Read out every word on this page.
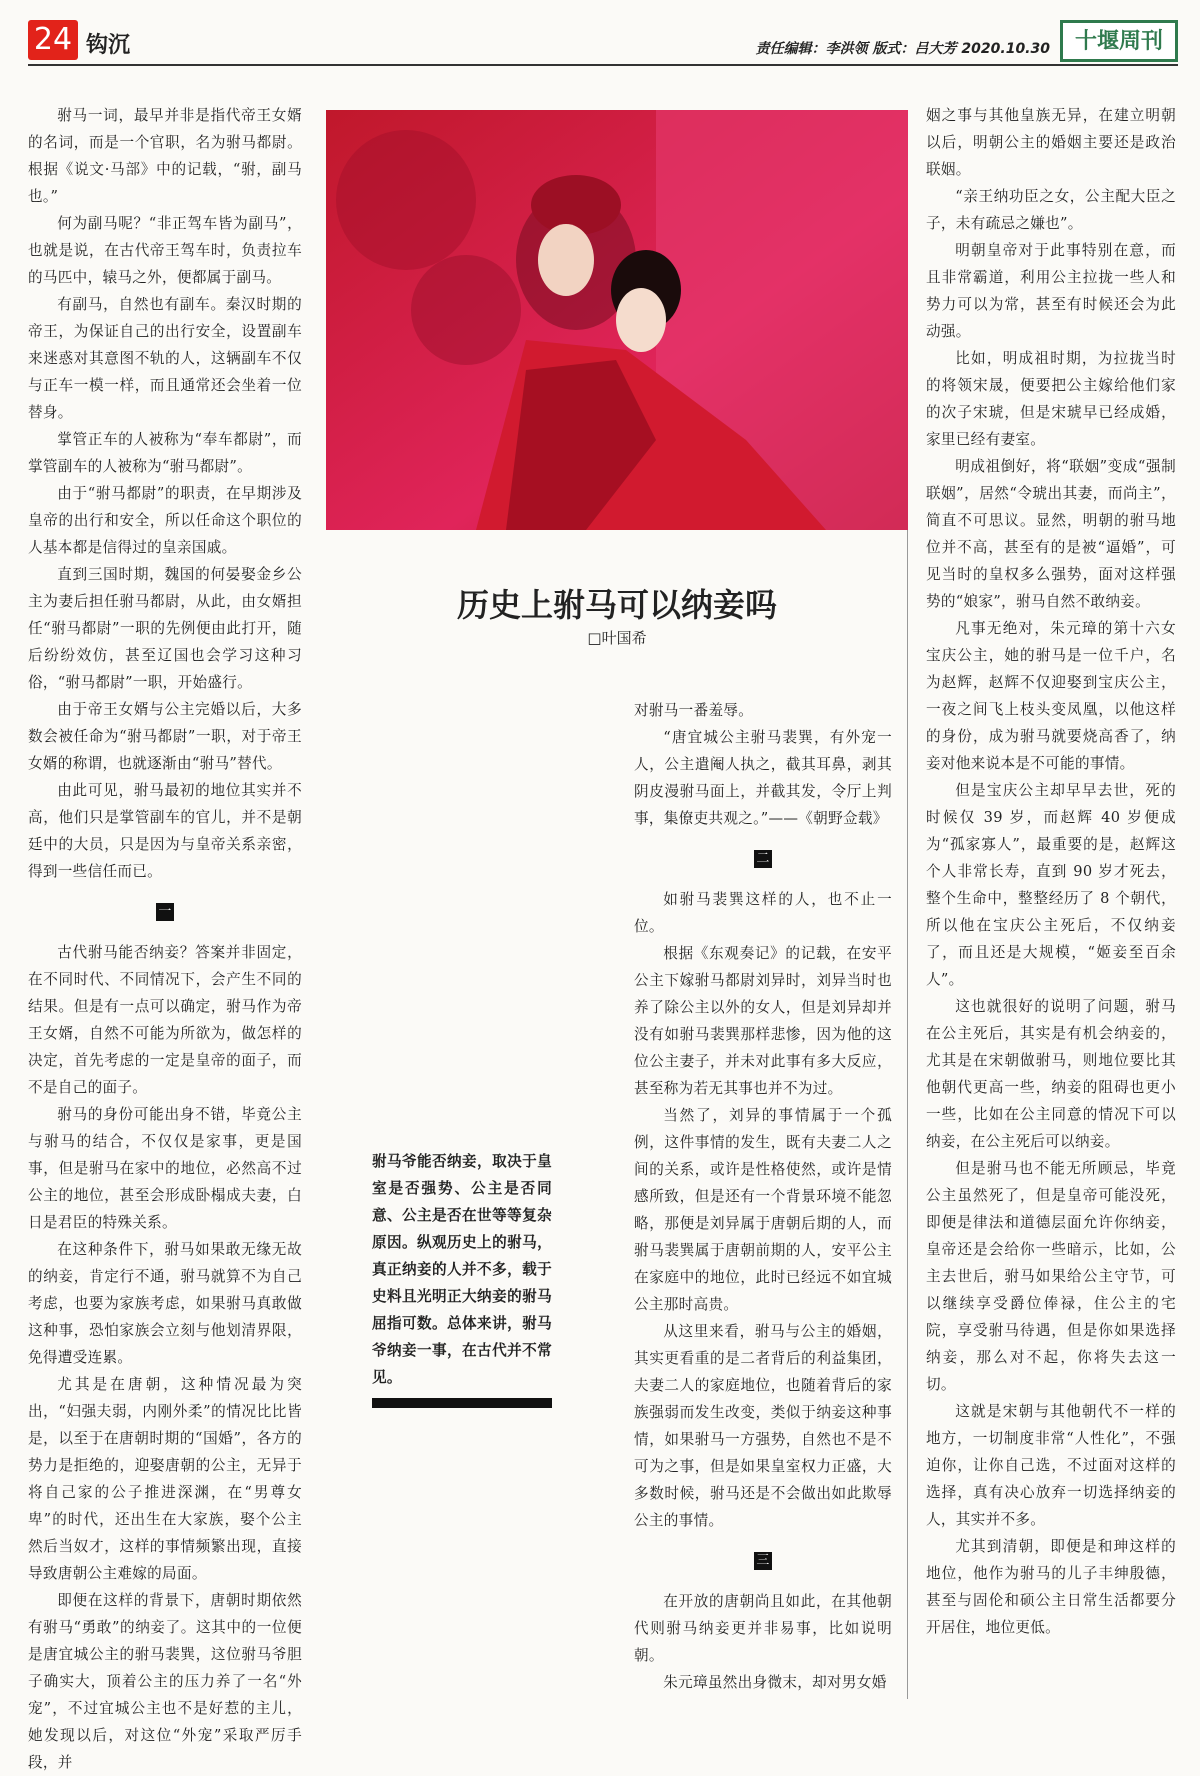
24 钩沉	责任编辑：李洪领 版式：吕大芳 2020.10.30	十堰周刊

驸马一词，最早并非是指代帝王女婿的名词，而是一个官职，名为驸马都尉。根据《说文·马部》中的记载，“驸，副马也。”

何为副马呢？“非正驾车皆为副马”，也就是说，在古代帝王驾车时，负责拉车的马匹中，辕马之外，便都属于副马。

有副马，自然也有副车。秦汉时期的帝王，为保证自己的出行安全，设置副车来迷惑对其意图不轨的人，这辆副车不仅与正车一模一样，而且通常还会坐着一位替身。

掌管正车的人被称为“奉车都尉”，而掌管副车的人被称为“驸马都尉”。

由于“驸马都尉”的职责，在早期涉及皇帝的出行和安全，所以任命这个职位的人基本都是信得过的皇亲国戚。

直到三国时期，魏国的何晏娶金乡公主为妻后担任驸马都尉，从此，由女婿担任“驸马都尉”一职的先例便由此打开，随后纷纷效仿，甚至辽国也会学习这种习俗，“驸马都尉”一职，开始盛行。

由于帝王女婿与公主完婚以后，大多数会被任命为“驸马都尉”一职，对于帝王女婿的称谓，也就逐渐由“驸马”替代。

由此可见，驸马最初的地位其实并不高，他们只是掌管副车的官儿，并不是朝廷中的大员，只是因为与皇帝关系亲密，得到一些信任而已。

一

古代驸马能否纳妾？答案并非固定，在不同时代、不同情况下，会产生不同的结果。但是有一点可以确定，驸马作为帝王女婿，自然不可能为所欲为，做怎样的决定，首先考虑的一定是皇帝的面子，而不是自己的面子。

驸马的身份可能出身不错，毕竟公主与驸马的结合，不仅仅是家事，更是国事，但是驸马在家中的地位，必然高不过公主的地位，甚至会形成卧榻成夫妻，白日是君臣的特殊关系。

在这种条件下，驸马如果敢无缘无故的纳妾，肯定行不通，驸马就算不为自己考虑，也要为家族考虑，如果驸马真敢做这种事，恐怕家族会立刻与他划清界限，免得遭受连累。

尤其是在唐朝，这种情况最为突出，“妇强夫弱，内刚外柔”的情况比比皆是，以至于在唐朝时期的“国婚”，各方的势力是拒绝的，迎娶唐朝的公主，无异于将自己家的公子推进深渊，在“男尊女卑”的时代，还出生在大家族，娶个公主然后当奴才，这样的事情频繁出现，直接导致唐朝公主难嫁的局面。

即便在这样的背景下，唐朝时期依然有驸马“勇敢”的纳妾了。这其中的一位便是唐宜城公主的驸马裴巽，这位驸马爷胆子确实大，顶着公主的压力养了一名“外宠”，不过宜城公主也不是好惹的主儿，她发现以后，对这位“外宠”采取严厉手段，并

历史上驸马可以纳妾吗
□叶国希
驸马爷能否纳妾，取决于皇室是否强势、公主是否同意、公主是否在世等等复杂原因。纵观历史上的驸马，真正纳妾的人并不多，载于史料且光明正大纳妾的驸马屈指可数。总体来讲，驸马爷纳妾一事，在古代并不常见。

对驸马一番羞辱。

“唐宜城公主驸马裴巽，有外宠一人，公主遣阉人执之，截其耳鼻，剥其阴皮漫驸马面上，并截其发，令厅上判事，集僚吏共观之。”——《朝野佥载》

二

如驸马裴巽这样的人，也不止一位。

根据《东观奏记》的记载，在安平公主下嫁驸马都尉刘异时，刘异当时也养了除公主以外的女人，但是刘异却并没有如驸马裴巽那样悲惨，因为他的这位公主妻子，并未对此事有多大反应，甚至称为若无其事也并不为过。

当然了，刘异的事情属于一个孤例，这件事情的发生，既有夫妻二人之间的关系，或许是性格使然，或许是情感所致，但是还有一个背景环境不能忽略，那便是刘异属于唐朝后期的人，而驸马裴巽属于唐朝前期的人，安平公主在家庭中的地位，此时已经远不如宜城公主那时高贵。

从这里来看，驸马与公主的婚姻，其实更看重的是二者背后的利益集团，夫妻二人的家庭地位，也随着背后的家族强弱而发生改变，类似于纳妾这种事情，如果驸马一方强势，自然也不是不可为之事，但是如果皇室权力正盛，大多数时候，驸马还是不会做出如此欺辱公主的事情。

三

在开放的唐朝尚且如此，在其他朝代则驸马纳妾更并非易事，比如说明朝。

朱元璋虽然出身微末，却对男女婚

姻之事与其他皇族无异，在建立明朝以后，明朝公主的婚姻主要还是政治联姻。

“亲王纳功臣之女，公主配大臣之子，未有疏忌之嫌也”。

明朝皇帝对于此事特别在意，而且非常霸道，利用公主拉拢一些人和势力可以为常，甚至有时候还会为此动强。

比如，明成祖时期，为拉拢当时的将领宋晟，便要把公主嫁给他们家的次子宋琥，但是宋琥早已经成婚，家里已经有妻室。

明成祖倒好，将“联姻”变成“强制联姻”，居然“令琥出其妻，而尚主”，简直不可思议。显然，明朝的驸马地位并不高，甚至有的是被“逼婚”，可见当时的皇权多么强势，面对这样强势的“娘家”，驸马自然不敢纳妾。

凡事无绝对，朱元璋的第十六女宝庆公主，她的驸马是一位千户，名为赵辉，赵辉不仅迎娶到宝庆公主，一夜之间飞上枝头变凤凰，以他这样的身份，成为驸马就要烧高香了，纳妾对他来说本是不可能的事情。

但是宝庆公主却早早去世，死的时候仅 39 岁，而赵辉 40 岁便成为“孤家寡人”，最重要的是，赵辉这个人非常长寿，直到 90 岁才死去，整个生命中，整整经历了 8 个朝代，所以他在宝庆公主死后，不仅纳妾了，而且还是大规模，“姬妾至百余人”。

这也就很好的说明了问题，驸马在公主死后，其实是有机会纳妾的，尤其是在宋朝做驸马，则地位要比其他朝代更高一些，纳妾的阻碍也更小一些，比如在公主同意的情况下可以纳妾，在公主死后可以纳妾。

但是驸马也不能无所顾忌，毕竟公主虽然死了，但是皇帝可能没死，即便是律法和道德层面允许你纳妾，皇帝还是会给你一些暗示，比如，公主去世后，驸马如果给公主守节，可以继续享受爵位俸禄，住公主的宅院，享受驸马待遇，但是你如果选择纳妾，那么对不起，你将失去这一切。

这就是宋朝与其他朝代不一样的地方，一切制度非常“人性化”，不强迫你，让你自己选，不过面对这样的选择，真有决心放弃一切选择纳妾的人，其实并不多。

尤其到清朝，即便是和珅这样的地位，他作为驸马的儿子丰绅殷德，甚至与固伦和硕公主日常生活都要分开居住，地位更低。
